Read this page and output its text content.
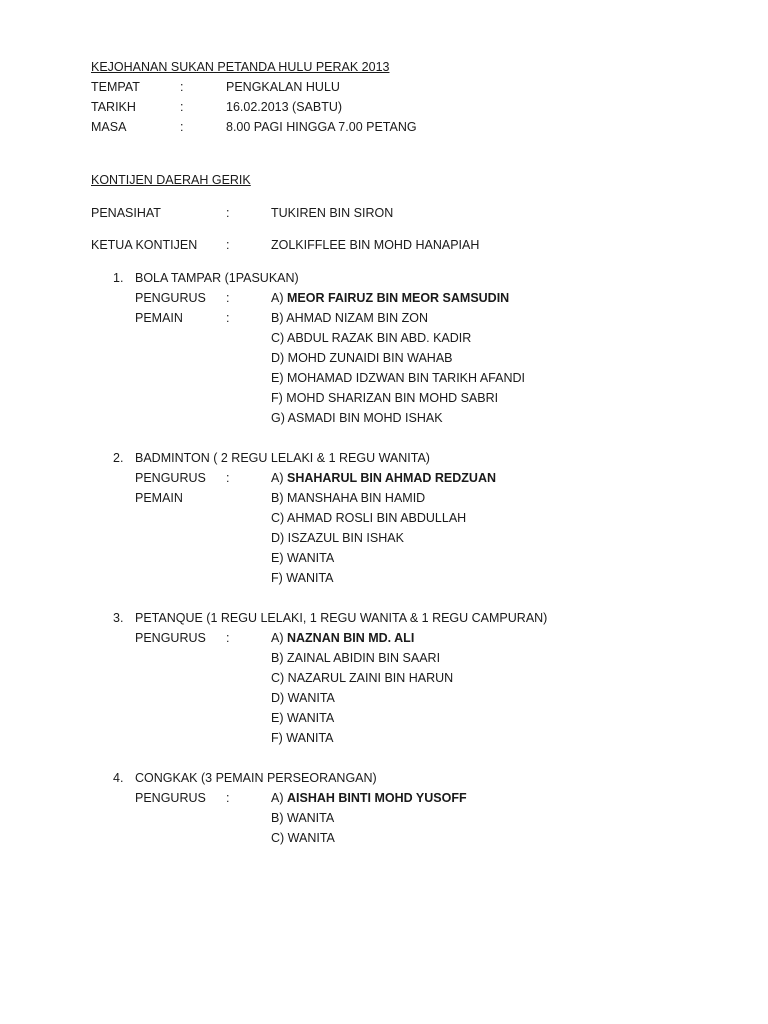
KEJOHANAN SUKAN PETANDA HULU PERAK 2013
TEMPAT	:	PENGKALAN HULU
TARIKH	:	16.02.2013 (SABTU)
MASA	:	8.00 PAGI HINGGA 7.00 PETANG
KONTIJEN DAERAH GERIK
PENASIHAT	:	TUKIREN BIN SIRON
KETUA KONTIJEN :	ZOLKIFFLEE BIN MOHD HANAPIAH
1. BOLA TAMPAR (1PASUKAN)
PENGURUS :	A) MEOR FAIRUZ BIN MEOR SAMSUDIN
PEMAIN	:	B) AHMAD NIZAM BIN ZON
C) ABDUL RAZAK BIN ABD. KADIR
D) MOHD ZUNAIDI BIN WAHAB
E) MOHAMAD IDZWAN BIN TARIKH AFANDI
F) MOHD SHARIZAN BIN MOHD SABRI
G) ASMADI BIN MOHD ISHAK
2. BADMINTON ( 2 REGU LELAKI & 1 REGU WANITA)
PENGURUS :	A) SHAHARUL BIN AHMAD REDZUAN
PEMAIN	B) MANSHAHA BIN HAMID
C) AHMAD ROSLI BIN ABDULLAH
D) ISZAZUL BIN ISHAK
E) WANITA
F) WANITA
3. PETANQUE (1 REGU LELAKI, 1 REGU WANITA & 1 REGU CAMPURAN)
PENGURUS :	A) NAZNAN BIN MD. ALI
B) ZAINAL ABIDIN BIN SAARI
C) NAZARUL ZAINI BIN HARUN
D) WANITA
E) WANITA
F) WANITA
4. CONGKAK (3 PEMAIN PERSEORANGAN)
PENGURUS :	A) AISHAH BINTI MOHD YUSOFF
B) WANITA
C) WANITA
